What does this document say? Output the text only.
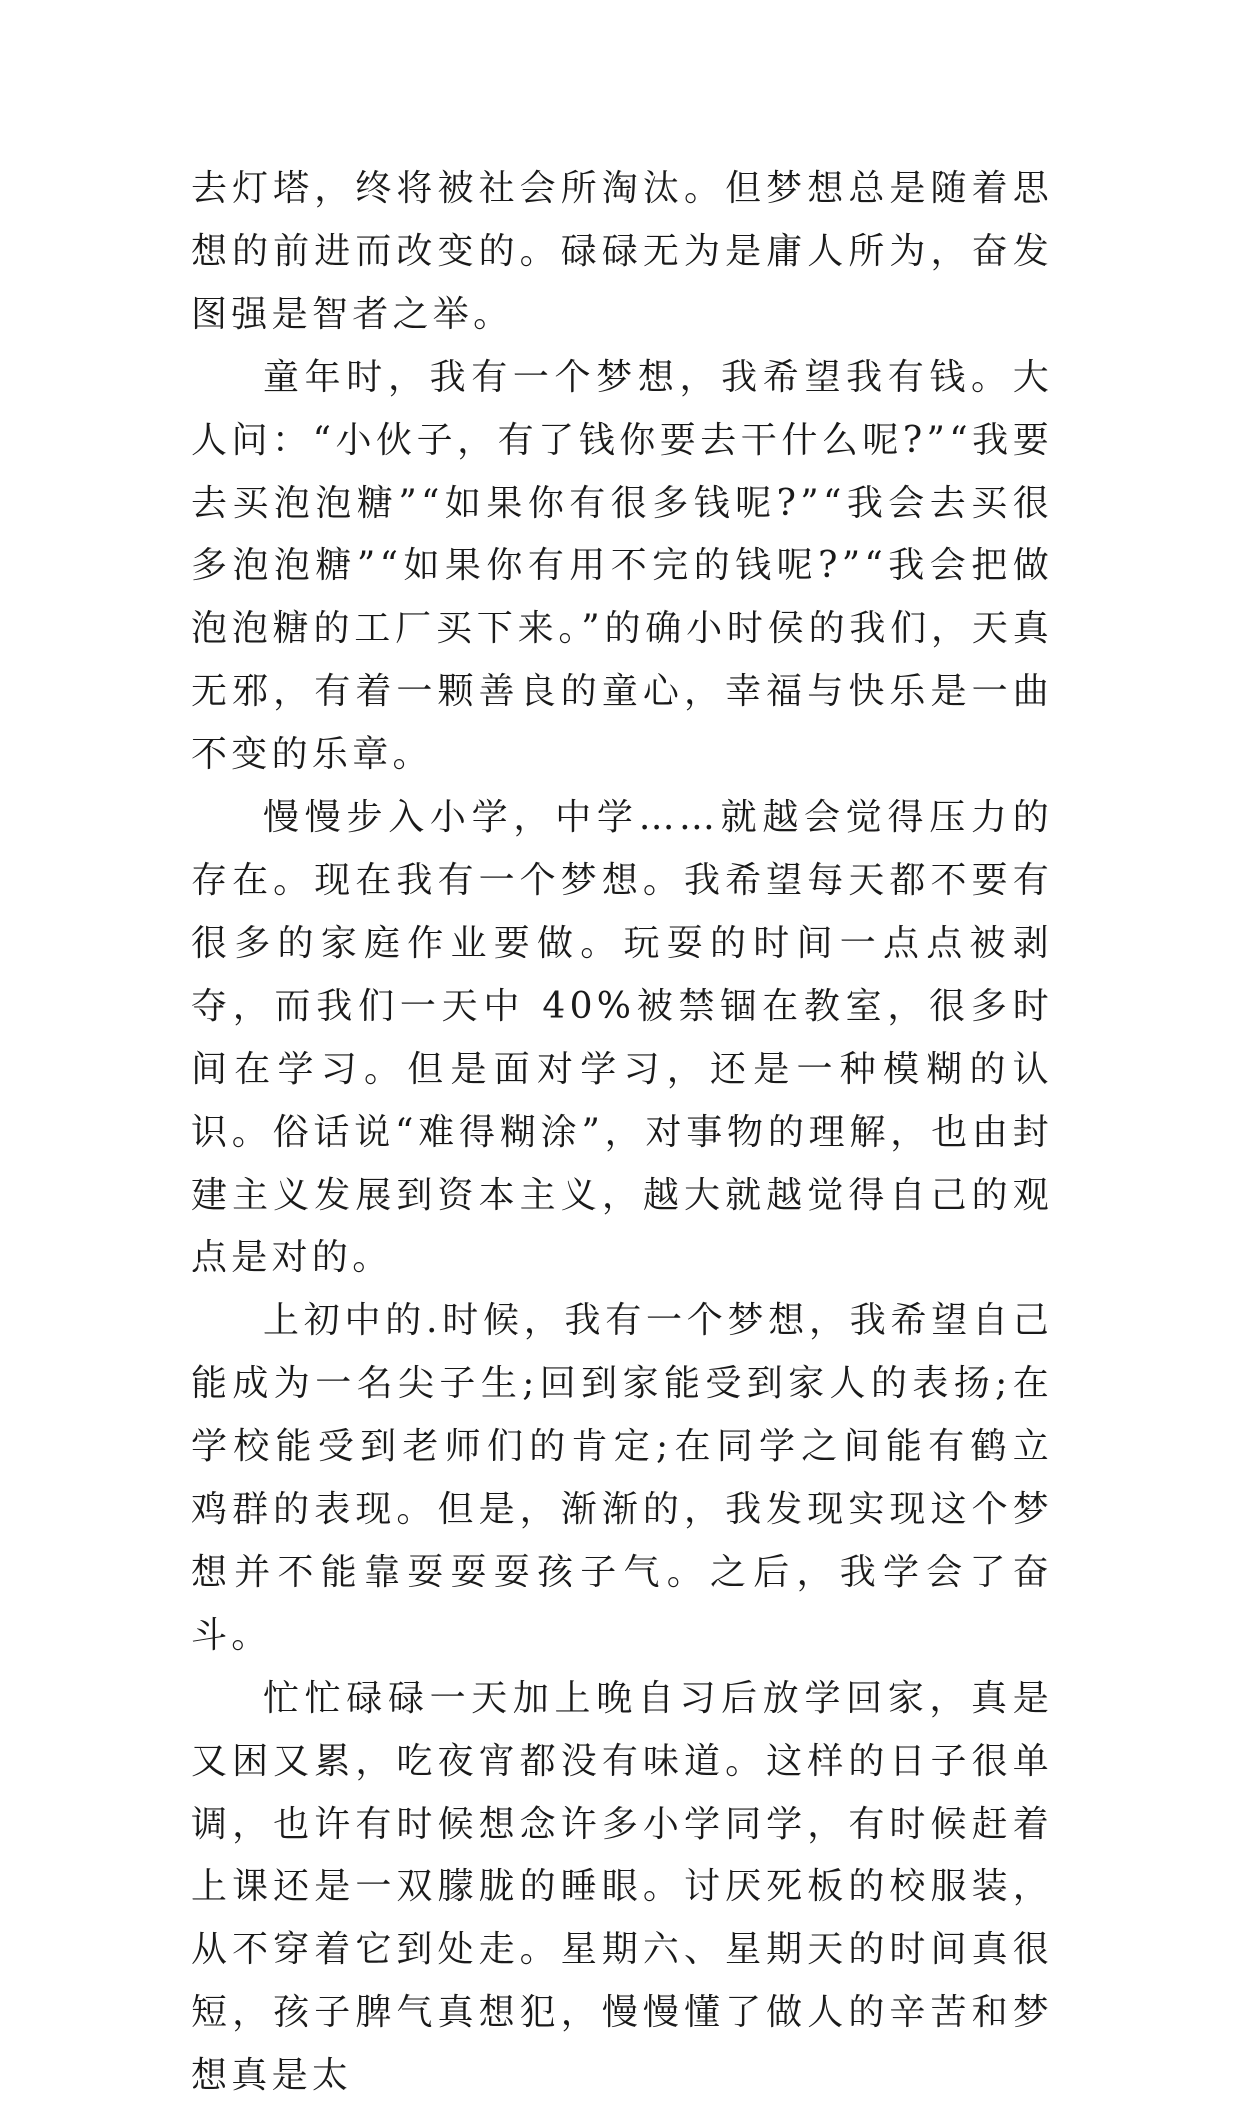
去灯塔，终将被社会所淘汰。但梦想总是随着思想的前进而改变的。碌碌无为是庸人所为，奋发图强是智者之举。

童年时，我有一个梦想，我希望我有钱。大人问：“小伙子，有了钱你要去干什么呢?”“我要去买泡泡糖”“如果你有很多钱呢?”“我会去买很多泡泡糖”“如果你有用不完的钱呢?”“我会把做泡泡糖的工厂买下来。”的确小时侯的我们，天真无邪，有着一颗善良的童心，幸福与快乐是一曲不变的乐章。

慢慢步入小学，中学……就越会觉得压力的存在。现在我有一个梦想。我希望每天都不要有很多的家庭作业要做。玩耍的时间一点点被剥夺，而我们一天中 40%被禁锢在教室，很多时间在学习。但是面对学习，还是一种模糊的认识。俗话说“难得糊涂”，对事物的理解，也由封建主义发展到资本主义，越大就越觉得自己的观点是对的。

上初中的.时候，我有一个梦想，我希望自己能成为一名尖子生;回到家能受到家人的表扬;在学校能受到老师们的肯定;在同学之间能有鹤立鸡群的表现。但是，渐渐的，我发现实现这个梦想并不能靠耍耍耍孩子气。之后，我学会了奋斗。

忙忙碌碌一天加上晚自习后放学回家，真是又困又累，吃夜宵都没有味道。这样的日子很单调，也许有时候想念许多小学同学，有时候赶着上课还是一双朦胧的睡眼。讨厌死板的校服装，从不穿着它到处走。星期六、星期天的时间真很短，孩子脾气真想犯，慢慢懂了做人的辛苦和梦想真是太
